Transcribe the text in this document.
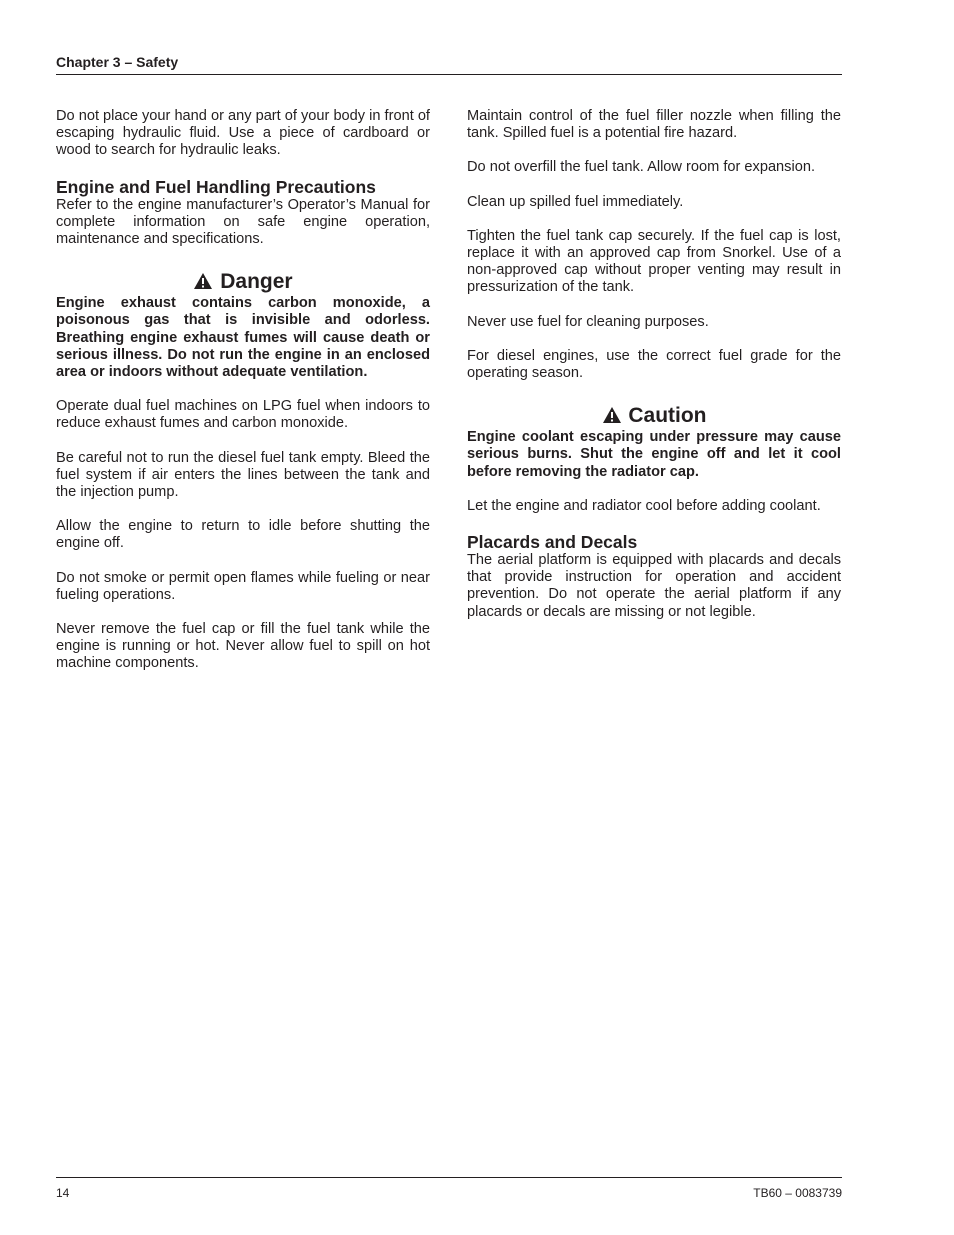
Chapter 3 – Safety

Do not place your hand or any part of your body in front of escaping hydraulic fluid. Use a piece of cardboard or wood to search for hydraulic leaks.

Engine and Fuel Handling Precautions

Refer to the engine manufacturer’s Operator’s Manual for complete information on safe engine operation, maintenance and specifications.

Danger

Engine exhaust contains carbon monoxide, a poisonous gas that is invisible and odorless. Breathing engine exhaust fumes will cause death or serious illness. Do not run the engine in an enclosed area or indoors without adequate ventilation.

Operate dual fuel machines on LPG fuel when indoors to reduce exhaust fumes and carbon monoxide.

Be careful not to run the diesel fuel tank empty. Bleed the fuel system if air enters the lines between the tank and the injection pump.

Allow the engine to return to idle before shutting the engine off.

Do not smoke or permit open flames while fueling or near fueling operations.

Never remove the fuel cap or fill the fuel tank while the engine is running or hot. Never allow fuel to spill on hot machine components.

Maintain control of the fuel filler nozzle when filling the tank. Spilled fuel is a potential fire hazard.

Do not overfill the fuel tank. Allow room for expansion.

Clean up spilled fuel immediately.

Tighten the fuel tank cap securely. If the fuel cap is lost, replace it with an approved cap from Snorkel. Use of a non-approved cap without proper venting may result in pressurization of the tank.

Never use fuel for cleaning purposes.

For diesel engines, use the correct fuel grade for the operating season.

Caution

Engine coolant escaping under pressure may cause serious burns. Shut the engine off and let it cool before removing the radiator cap.

Let the engine and radiator cool before adding coolant.

Placards and Decals

The aerial platform is equipped with placards and decals that provide instruction for operation and accident prevention. Do not operate the aerial platform if any placards or decals are missing or not legible.

14	TB60 – 0083739
